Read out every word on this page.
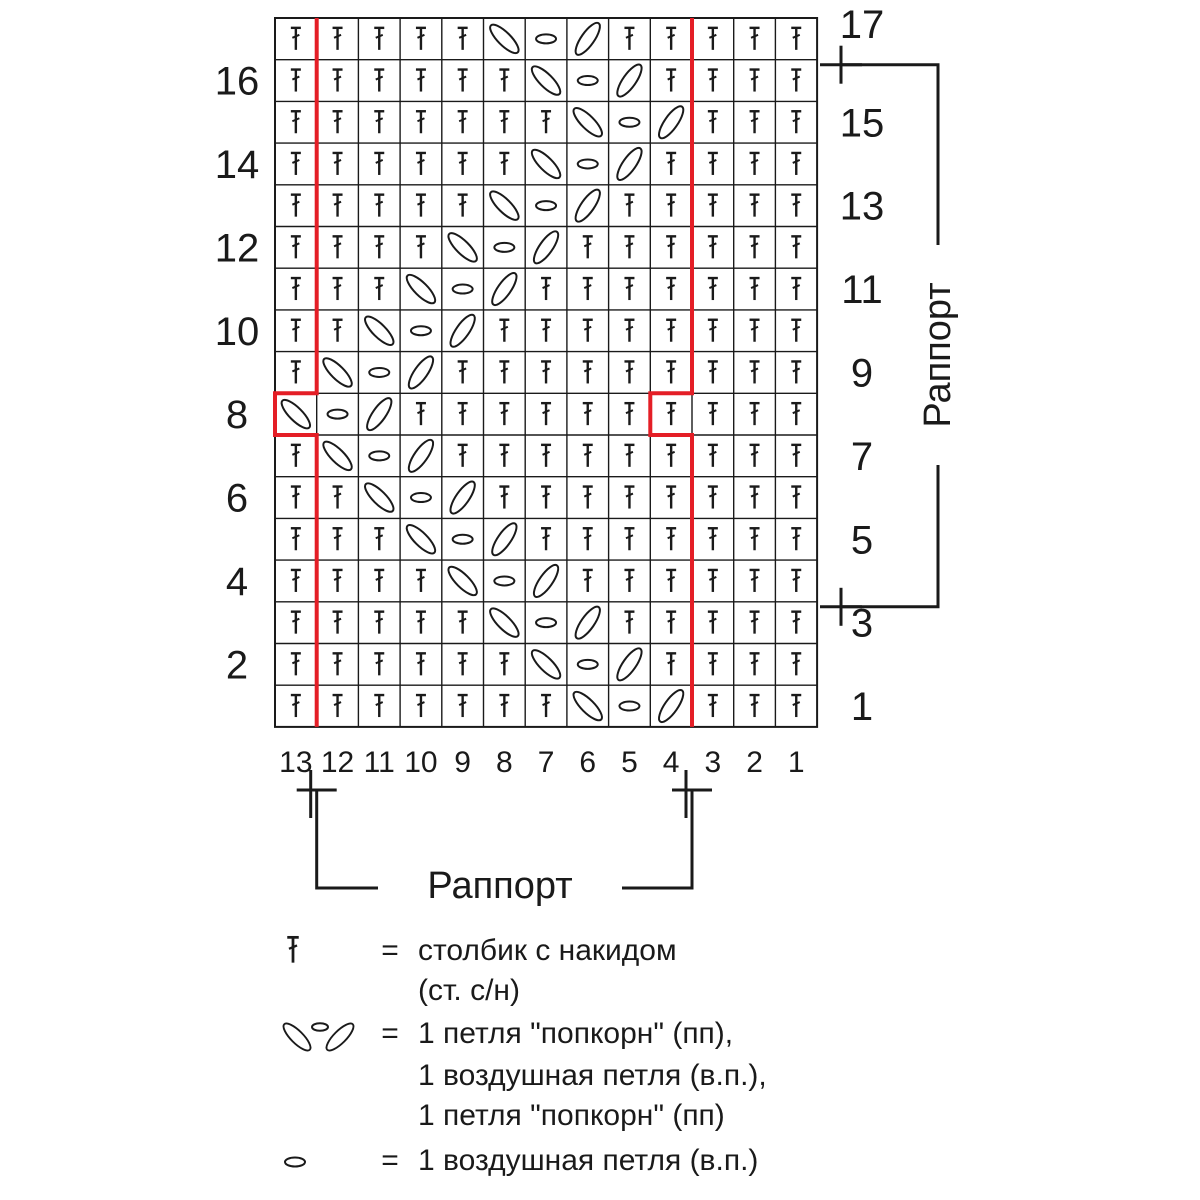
16
14
12
10
8
6
4
2
17
15
13
11
9
7
5
3
1
13 12 11 10 9 8 7 6 5 4 3 2 1
Раппорт
Раппорт
= столбик с накидом
(ст. с/н)
= 1 петля "попкорн" (пп),
1 воздушная петля (в.п.),
1 петля "попкорн" (пп)
= 1 воздушная петля (в.п.)
